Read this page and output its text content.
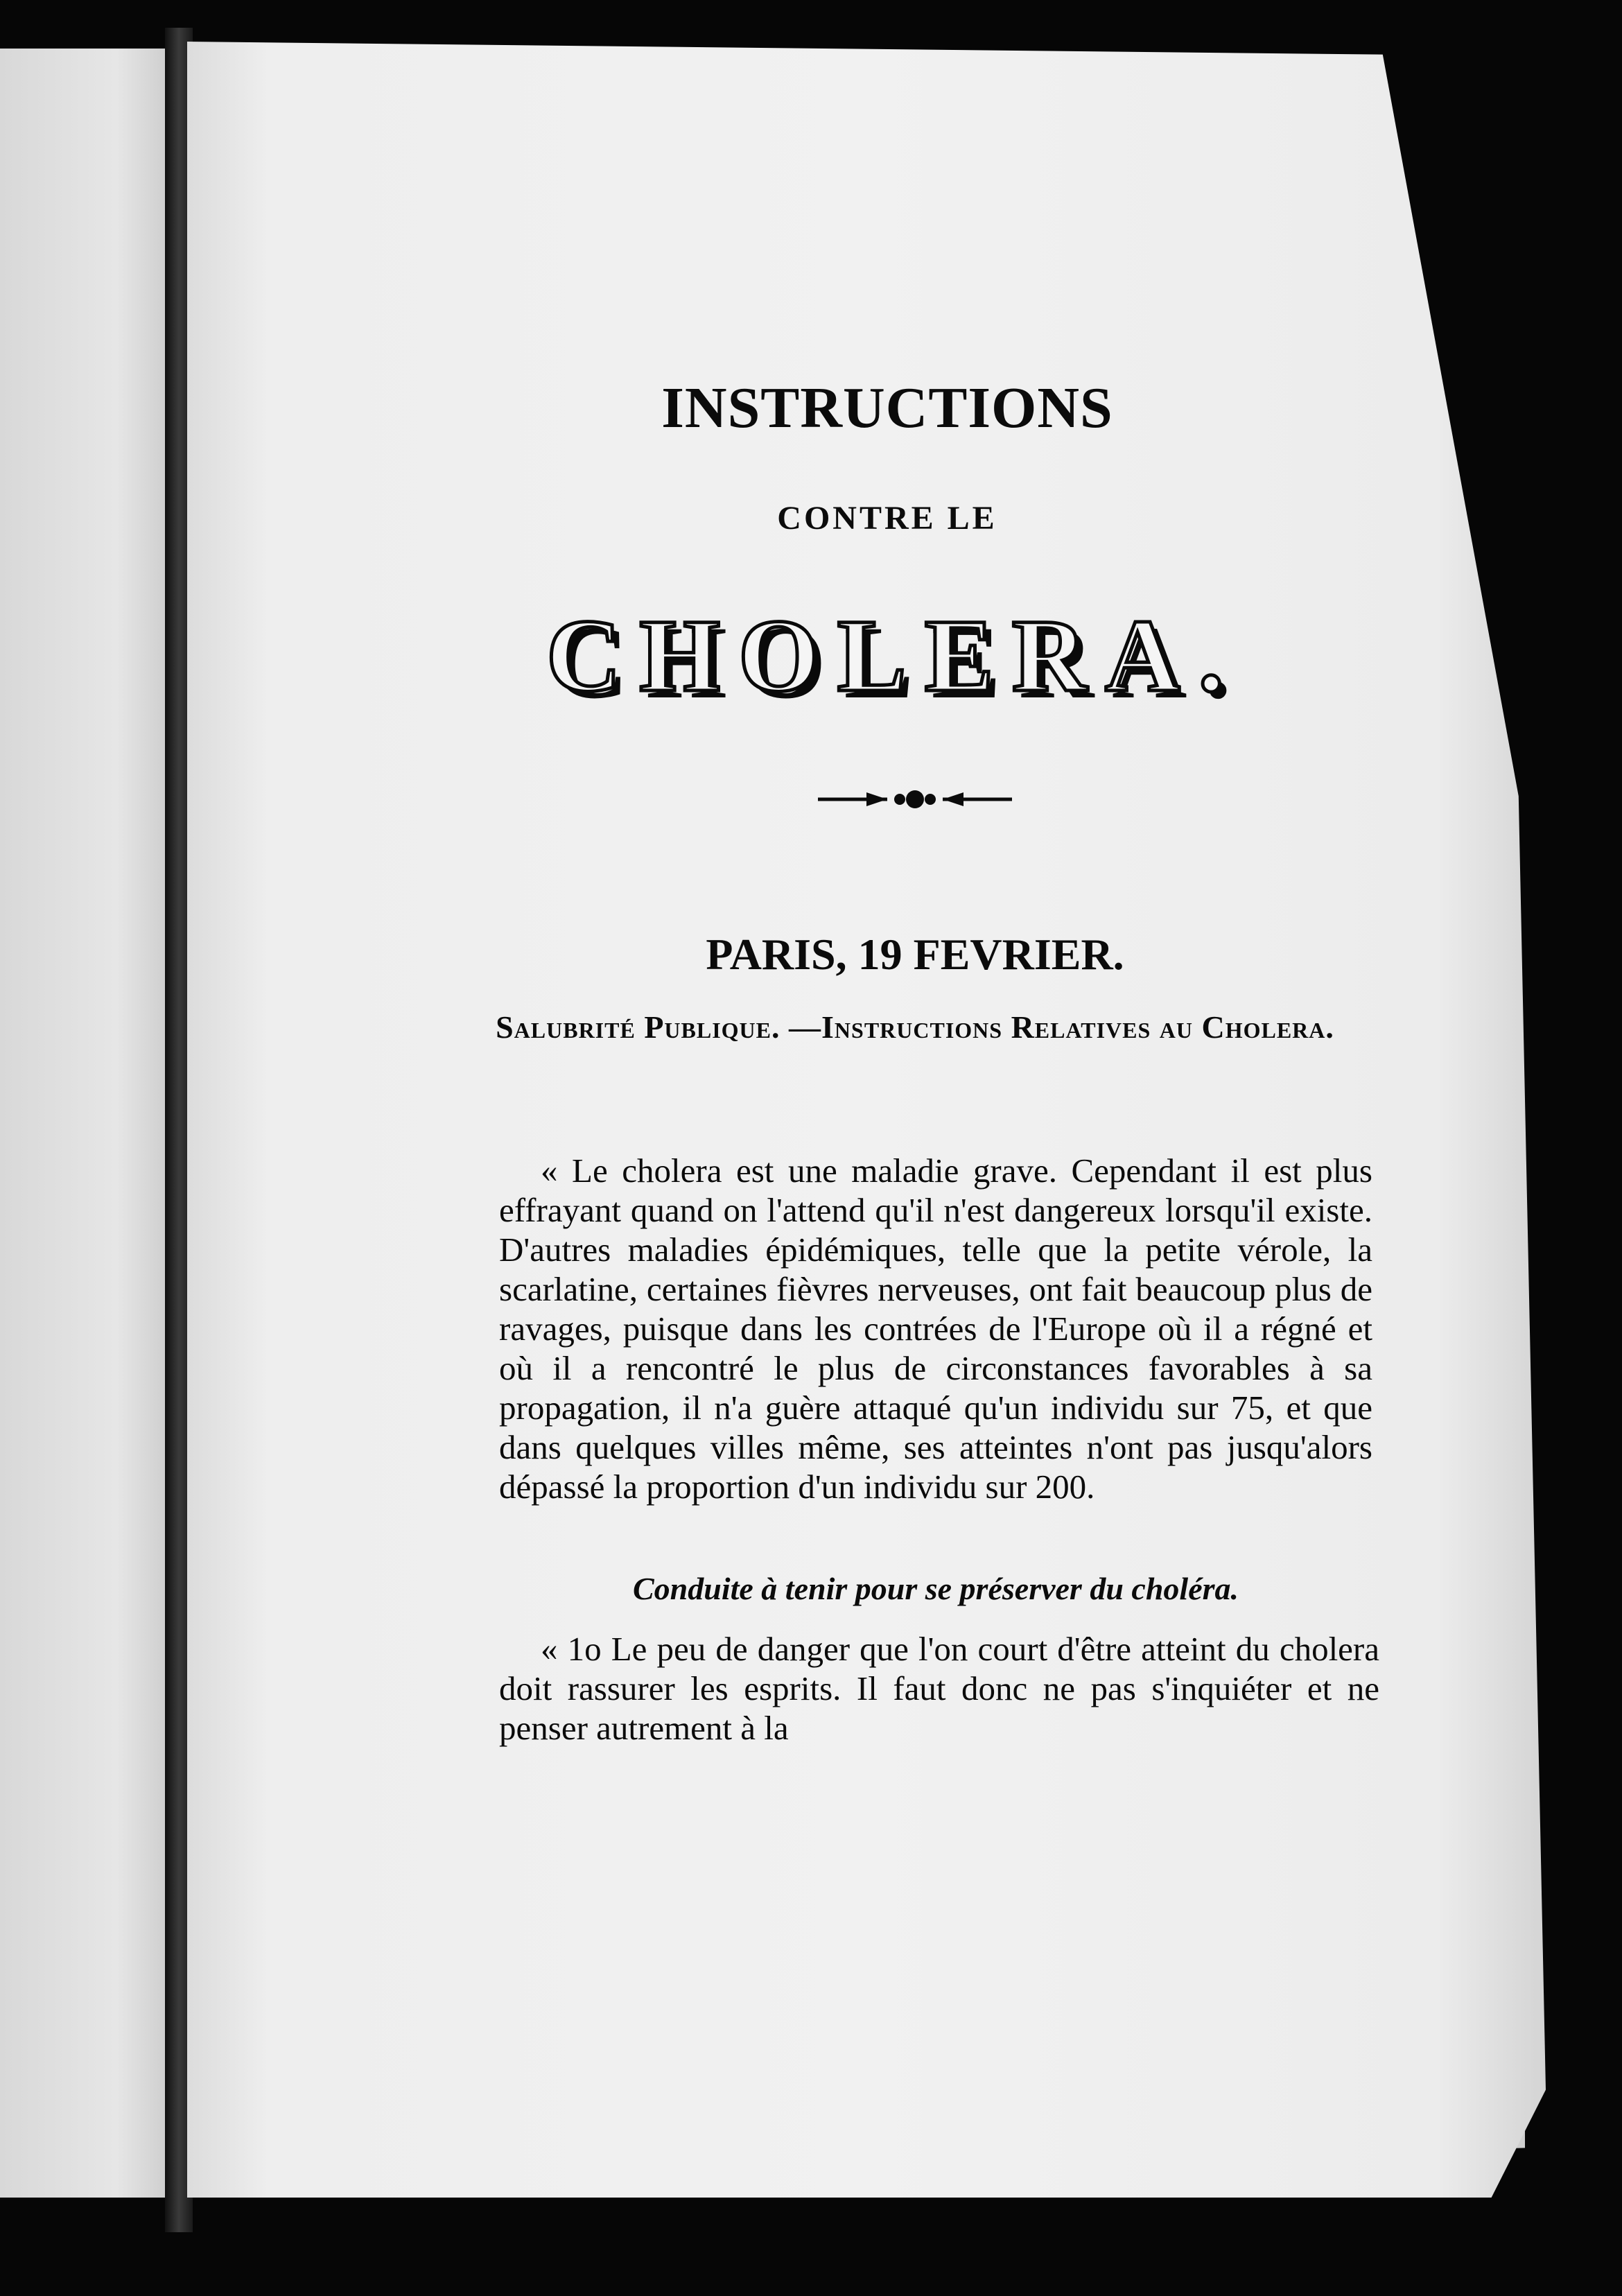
INSTRUCTIONS
CONTRE LE
CHOLERA.
PARIS, 19 FEVRIER.
Salubrité Publique. —Instructions Relatives au Cholera.
« Le cholera est une maladie grave. Cependant il est plus effrayant quand on l'attend qu'il n'est dangereux lorsqu'il existe. D'autres maladies épidémiques, telle que la petite vérole, la scarlatine, certaines fièvres nerveuses, ont fait beaucoup plus de ravages, puisque dans les contrées de l'Europe où il a régné et où il a rencontré le plus de circonstances favorables à sa propagation, il n'a guère attaqué qu'un individu sur 75, et que dans quelques villes même, ses atteintes n'ont pas jusqu'alors dépassé la proportion d'un individu sur 200.
Conduite à tenir pour se préserver du choléra.
« 1o Le peu de danger que l'on court d'être atteint du cholera doit rassurer les esprits. Il faut donc ne pas s'inquiéter et ne penser autrement à la
